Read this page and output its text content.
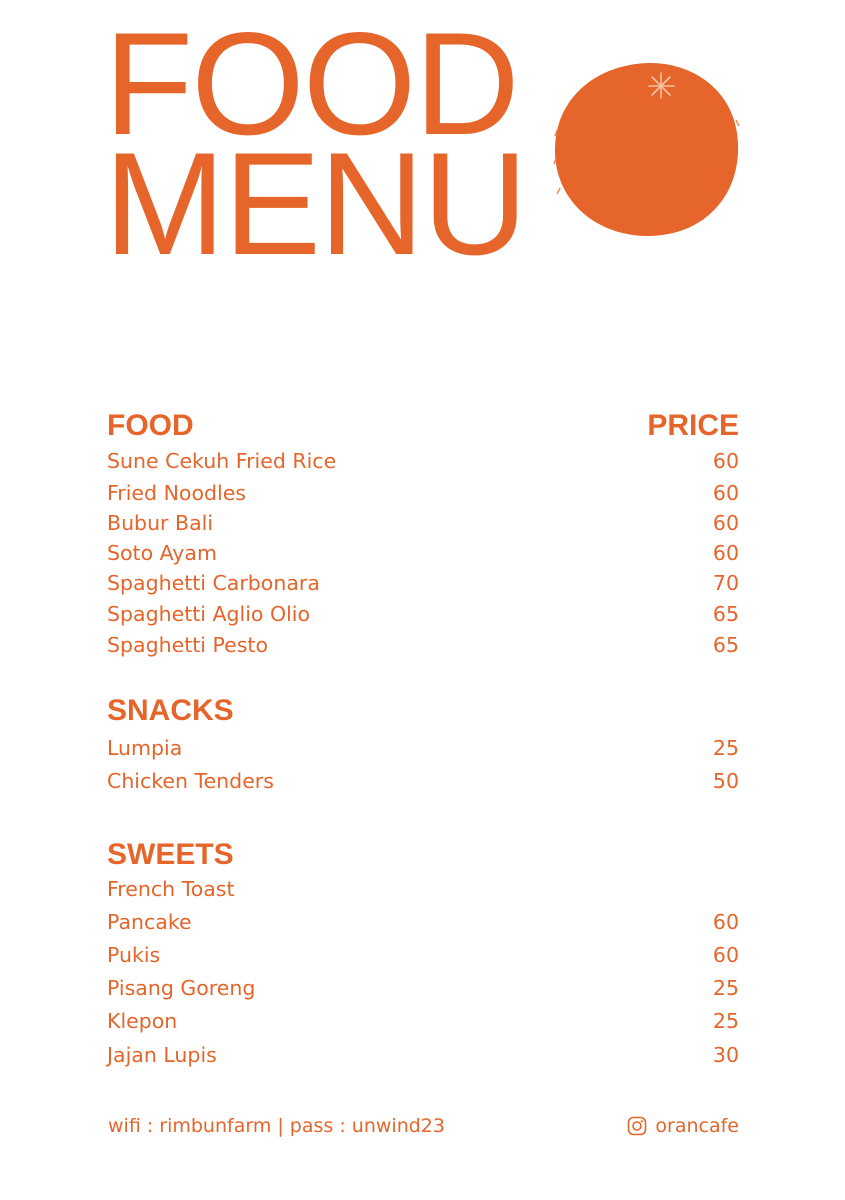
FOOD
MENU
FOOD	PRICE
Sune Cekuh Fried Rice	60
Fried Noodles	60
Bubur Bali	60
Soto Ayam	60
Spaghetti Carbonara	70
Spaghetti Aglio Olio	65
Spaghetti Pesto	65
SNACKS
Lumpia	25
Chicken Tenders	50
SWEETS
French Toast
Pancake	60
Pukis	60
Pisang Goreng	25
Klepon	25
Jajan Lupis	30
wifi : rimbunfarm | pass : unwind23	orancafe
